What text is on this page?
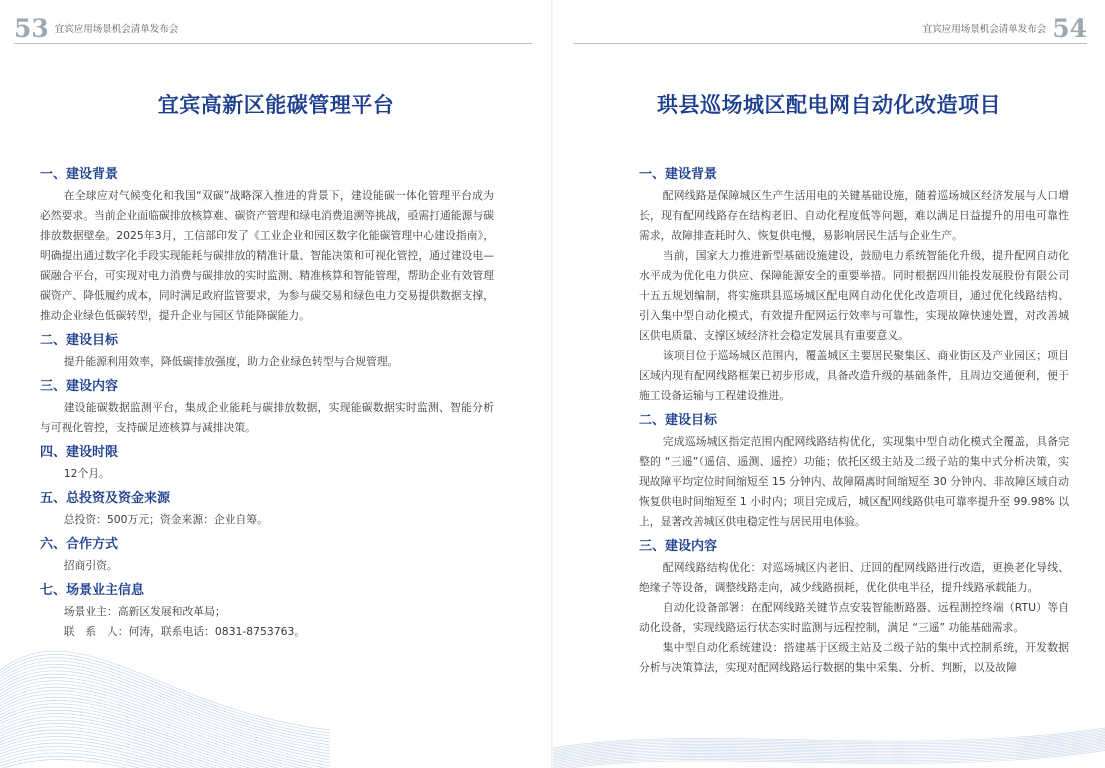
53 宜宾应用场景机会清单发布会
宜宾高新区能碳管理平台
一、建设背景

在全球应对气候变化和我国“双碳”战略深入推进的背景下，建设能碳一体化管理平台成为必然要求。当前企业面临碳排放核算难、碳资产管理和绿电消费追溯等挑战，亟需打通能源与碳排放数据壁垒。2025年3月，工信部印发了《工业企业和园区数字化能碳管理中心建设指南》，明确提出通过数字化手段实现能耗与碳排放的精准计量、智能决策和可视化管控，通过建设电—碳融合平台，可实现对电力消费与碳排放的实时监测、精准核算和智能管理，帮助企业有效管理碳资产、降低履约成本，同时满足政府监管要求，为参与碳交易和绿色电力交易提供数据支撑，推动企业绿色低碳转型，提升企业与园区节能降碳能力。

二、建设目标

提升能源利用效率，降低碳排放强度，助力企业绿色转型与合规管理。

三、建设内容

建设能碳数据监测平台，集成企业能耗与碳排放数据，实现能碳数据实时监测、智能分析与可视化管控，支持碳足迹核算与减排决策。

四、建设时限

12个月。

五、总投资及资金来源

总投资：500万元；资金来源：企业自筹。

六、合作方式

招商引资。

七、场景业主信息

场景业主：高新区发展和改革局；

联　系　人：何涛，联系电话：0831-8753763。

宜宾应用场景机会清单发布会 54
珙县巡场城区配电网自动化改造项目
一、建设背景

配网线路是保障城区生产生活用电的关键基础设施，随着巡场城区经济发展与人口增长，现有配网线路存在结构老旧、自动化程度低等问题，难以满足日益提升的用电可靠性需求，故障排查耗时久、恢复供电慢，易影响居民生活与企业生产。

当前，国家大力推进新型基础设施建设，鼓励电力系统智能化升级，提升配网自动化水平成为优化电力供应、保障能源安全的重要举措。同时根据四川能投发展股份有限公司十五五规划编制，将实施珙县巡场城区配电网自动化优化改造项目，通过优化线路结构、引入集中型自动化模式，有效提升配网运行效率与可靠性，实现故障快速处置，对改善城区供电质量、支撑区域经济社会稳定发展具有重要意义。

该项目位于巡场城区范围内，覆盖城区主要居民聚集区、商业街区及产业园区；项目区域内现有配网线路框架已初步形成，具备改造升级的基础条件，且周边交通便利，便于施工设备运输与工程建设推进。

二、建设目标

完成巡场城区指定范围内配网线路结构优化，实现集中型自动化模式全覆盖，具备完整的 “三遥”（遥信、遥测、遥控）功能；依托区级主站及二级子站的集中式分析决策，实现故障平均定位时间缩短至 15 分钟内、故障隔离时间缩短至 30 分钟内、非故障区域自动恢复供电时间缩短至 1 小时内；项目完成后，城区配网线路供电可靠率提升至 99.98% 以上，显著改善城区供电稳定性与居民用电体验。

三、建设内容

配网线路结构优化：对巡场城区内老旧、迂回的配网线路进行改造，更换老化导线、绝缘子等设备，调整线路走向，减少线路损耗，优化供电半径，提升线路承载能力。

自动化设备部署：在配网线路关键节点安装智能断路器、远程测控终端（RTU）等自动化设备，实现线路运行状态实时监测与远程控制，满足 “三遥” 功能基础需求。

集中型自动化系统建设：搭建基于区级主站及二级子站的集中式控制系统，开发数据分析与决策算法，实现对配网线路运行数据的集中采集、分析、判断，以及故障
